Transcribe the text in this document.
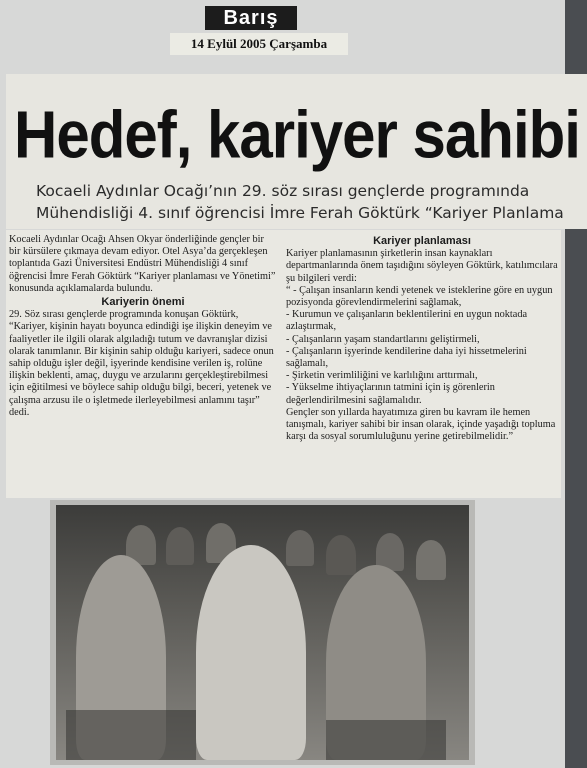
Barış
14 Eylül 2005 Çarşamba
Hedef, kariyer sahibi
Kocaeli Aydınlar Ocağı’nın 29. söz sırası gençlerde programında
Mühendisliği 4. sınıf öğrencisi İmre Ferah Göktürk “Kariyer Planlama

Kocaeli Aydınlar Ocağı Ahsen Okyar önderliğinde gençler bir bir kürsülere çıkmaya devam ediyor. Otel Asya’da gerçekleşen toplantıda Gazi Üniversitesi Endüstri Mühendisliği 4 sınıf öğrencisi İmre Ferah Göktürk “Kariyer planlaması ve Yönetimi” konusunda açıklamalarda bulundu.

Kariyerin önemi

29. Söz sırası gençlerde programında konuşan Göktürk, “Kariyer, kişinin hayatı boyunca edindiği işe ilişkin deneyim ve faaliyetler ile ilgili olarak algıladığı tutum ve davranışlar dizisi olarak tanımlanır. Bir kişinin sahip olduğu kariyeri, sadece onun sahip olduğu işler değil, işyerinde kendisine verilen iş, rolüne ilişkin beklenti, amaç, duygu ve arzularını gerçekleştirebilmesi için eğitilmesi ve böylece sahip olduğu bilgi, beceri, yetenek ve çalışma arzusu ile o işletmede ilerleyebilmesi anlamını taşır” dedi.

Kariyer planlaması

Kariyer planlamasının şirketlerin insan kaynakları departmanlarında önem taşıdığını söyleyen Göktürk, katılımcılara şu bilgileri verdi:

“ - Çalışan insanların kendi yetenek ve isteklerine göre en uygun pozisyonda görevlendirmelerini sağlamak,

- Kurumun ve çalışanların beklentilerini en uygun noktada azlaştırmak,

- Çalışanların yaşam standartlarını geliştirmeli,

- Çalışanların işyerinde kendilerine daha iyi hissetmelerini sağlamalı,

- Şirketin verimliliğini ve karlılığını arttırmalı,

- Yükselme ihtiyaçlarının tatmini için iş görenlerin değerlendirilmesini sağlamalıdır.

Gençler son yıllarda hayatımıza giren bu kavram ile hemen tanışmalı, kariyer sahibi bir insan olarak, içinde yaşadığı topluma karşı da sosyal sorumluluğunu yerine getirebilmelidir.”
